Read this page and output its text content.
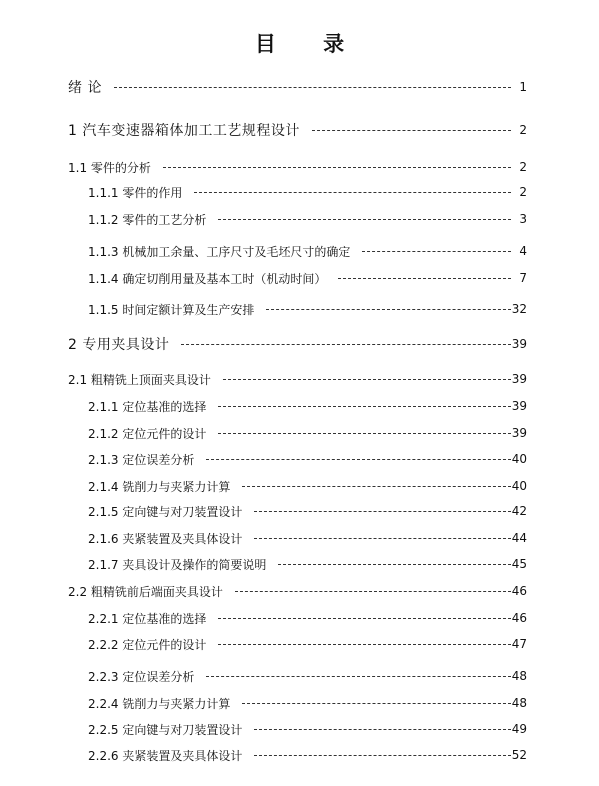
目 录
绪 论	1
1 汽车变速器箱体加工工艺规程设计	2
1.1 零件的分析	2
1.1.1 零件的作用	2
1.1.2 零件的工艺分析	3
1.1.3 机械加工余量、工序尺寸及毛坯尺寸的确定	4
1.1.4 确定切削用量及基本工时（机动时间）	7
1.1.5 时间定额计算及生产安排	32
2 专用夹具设计	39
2.1 粗精铣上顶面夹具设计	39
2.1.1 定位基准的选择	39
2.1.2 定位元件的设计	39
2.1.3 定位误差分析	40
2.1.4 铣削力与夹紧力计算	40
2.1.5 定向键与对刀装置设计	42
2.1.6 夹紧装置及夹具体设计	44
2.1.7 夹具设计及操作的简要说明	45
2.2 粗精铣前后端面夹具设计	46
2.2.1 定位基准的选择	46
2.2.2 定位元件的设计	47
2.2.3 定位误差分析	48
2.2.4 铣削力与夹紧力计算	48
2.2.5 定向键与对刀装置设计	49
2.2.6 夹紧装置及夹具体设计	52
